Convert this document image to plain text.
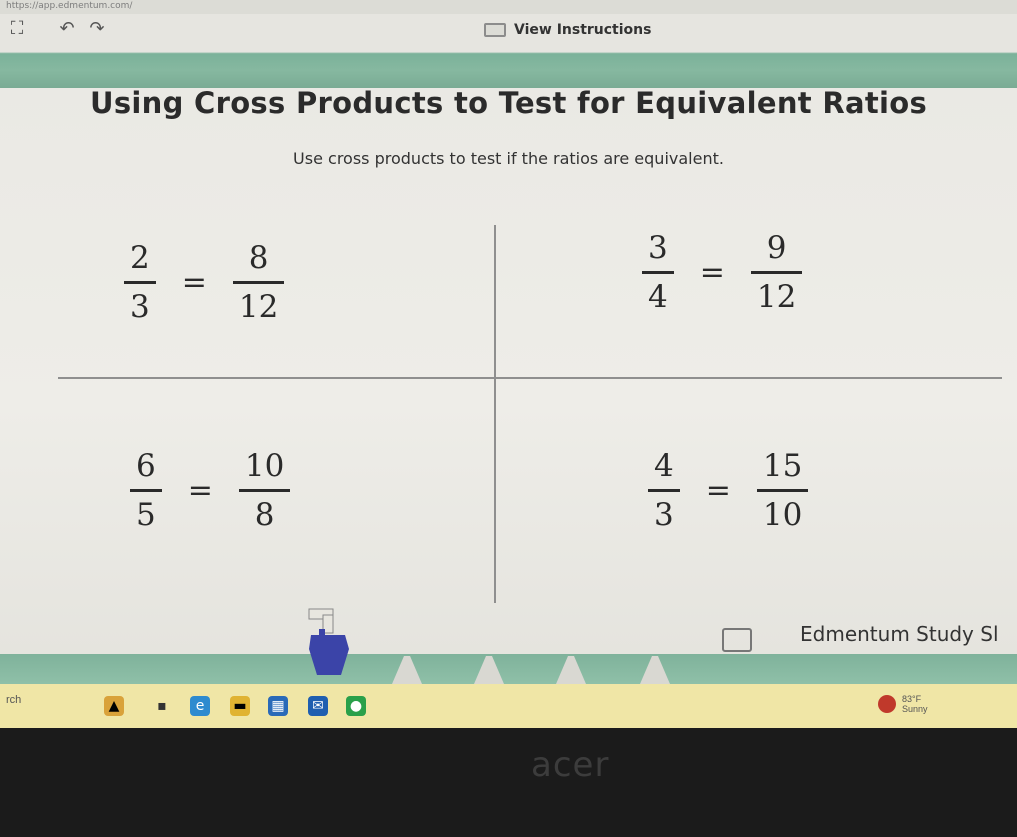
https://app.edmentum.com/
⛶ ↶ ↷	View Instructions
Using Cross Products to Test for Equivalent Ratios
Use cross products to test if the ratios are equivalent.
$\frac{2}{3} = \frac{8}{12}$	$\frac{3}{4} = \frac{9}{12}$
$\frac{6}{5} = \frac{10}{8}$	$\frac{4}{3} = \frac{15}{10}$
Edmentum Study Sl
rch	▲	▪	e	▬ ▦ ✉ ●	83°F
Sunny
acer
